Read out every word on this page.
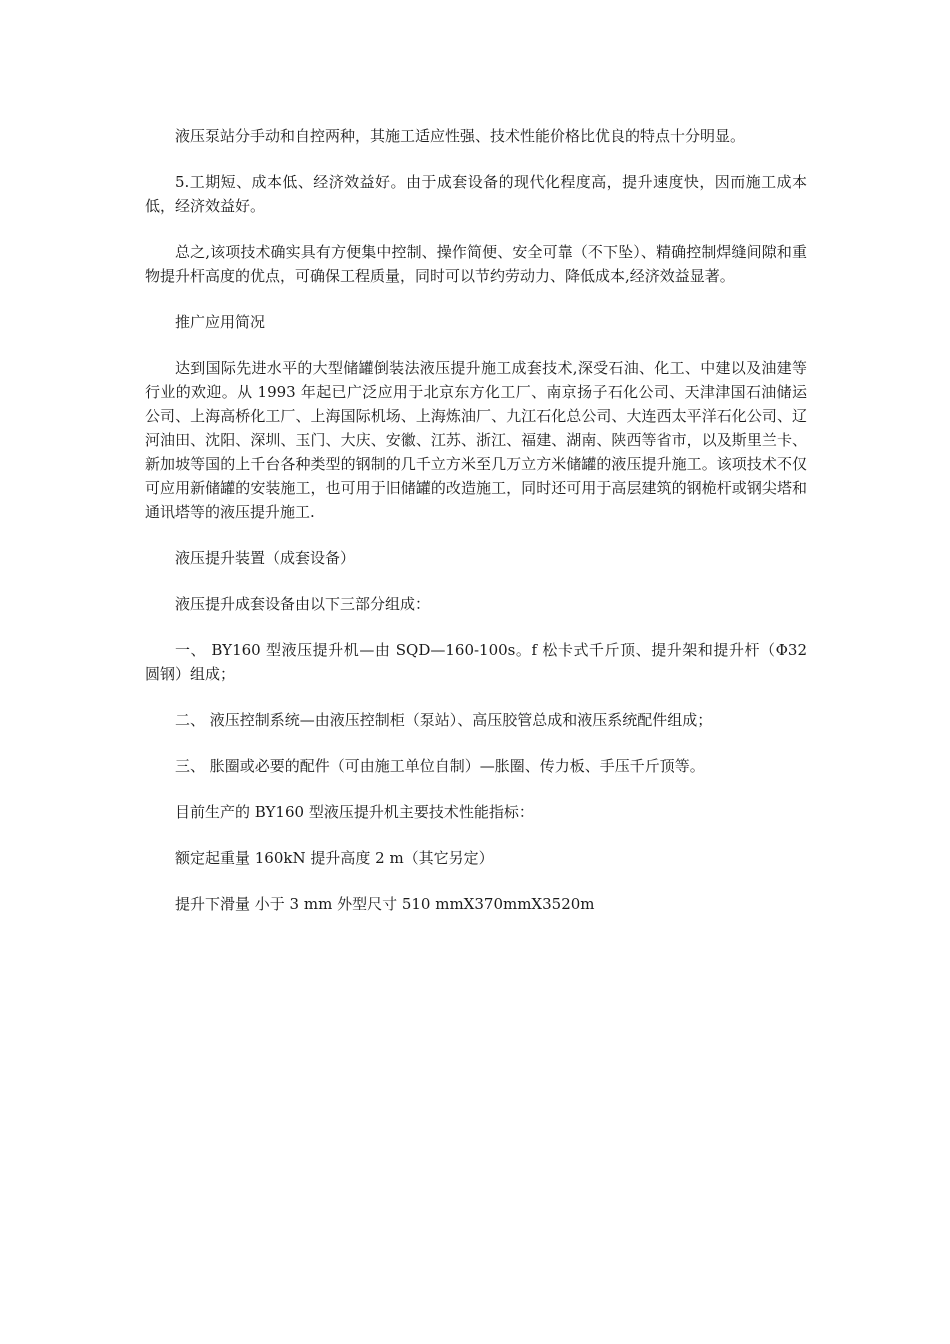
液压泵站分手动和自控两种，其施工适应性强、技术性能价格比优良的特点十分明显。

5.工期短、成本低、经济效益好。由于成套设备的现代化程度高，提升速度快，因而施工成本低，经济效益好。

总之,该项技术确实具有方便集中控制、操作简便、安全可靠（不下坠）、精确控制焊缝间隙和重物提升杆高度的优点，可确保工程质量，同时可以节约劳动力、降低成本,经济效益显著。

推广应用简况

达到国际先进水平的大型储罐倒装法液压提升施工成套技术,深受石油、化工、中建以及油建等行业的欢迎。从 1993 年起已广泛应用于北京东方化工厂、南京扬子石化公司、天津津国石油储运公司、上海高桥化工厂、上海国际机场、上海炼油厂、九江石化总公司、大连西太平洋石化公司、辽河油田、沈阳、深圳、玉门、大庆、安徽、江苏、浙江、福建、湖南、陕西等省市，以及斯里兰卡、新加坡等国的上千台各种类型的钢制的几千立方米至几万立方米储罐的液压提升施工。该项技术不仅可应用新储罐的安装施工，也可用于旧储罐的改造施工，同时还可用于高层建筑的钢桅杆或钢尖塔和通讯塔等的液压提升施工.

液压提升装置（成套设备）

液压提升成套设备由以下三部分组成：

一、 BY160 型液压提升机—由 SQD—160-100s。f 松卡式千斤顶、提升架和提升杆（Φ32 圆钢）组成；

二、 液压控制系统—由液压控制柜（泵站）、高压胶管总成和液压系统配件组成；

三、 胀圈或必要的配件（可由施工单位自制）—胀圈、传力板、手压千斤顶等。

目前生产的 BY160 型液压提升机主要技术性能指标：

额定起重量 160kN 提升高度 2 m（其它另定）

提升下滑量 小于 3 mm 外型尺寸 510 mmX370mmX3520m
